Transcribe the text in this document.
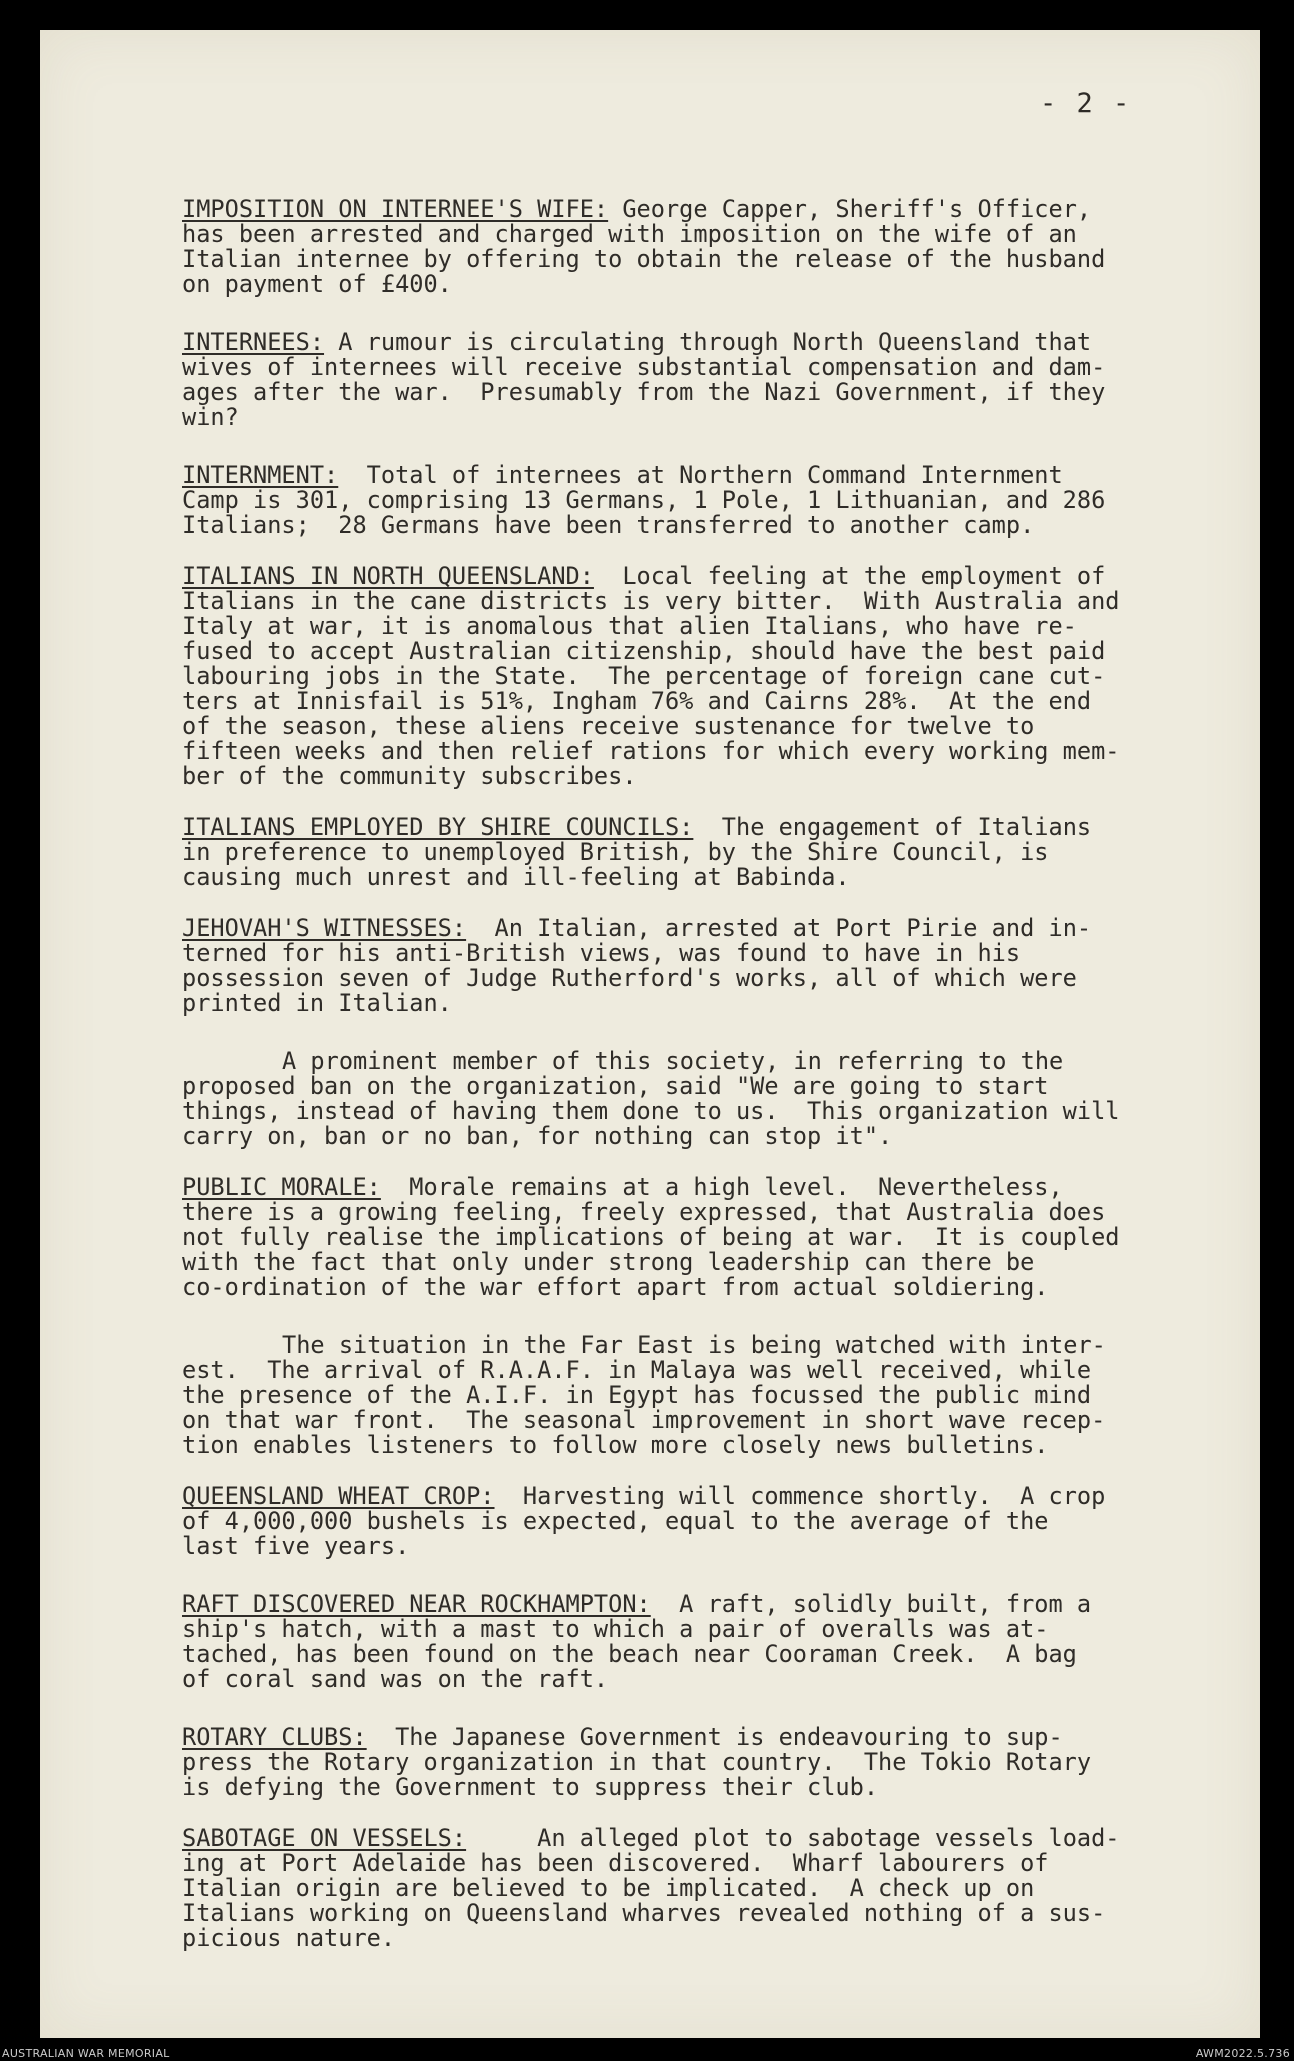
- 2 -
IMPOSITION ON INTERNEE'S WIFE: George Capper, Sheriff's Officer,
has been arrested and charged with imposition on the wife of an
Italian internee by offering to obtain the release of the husband
on payment of £400.
INTERNEES: A rumour is circulating through North Queensland that
wives of internees will receive substantial compensation and dam-
ages after the war.  Presumably from the Nazi Government, if they
win?
INTERNMENT:  Total of internees at Northern Command Internment
Camp is 301, comprising 13 Germans, 1 Pole, 1 Lithuanian, and 286
Italians;  28 Germans have been transferred to another camp.
ITALIANS IN NORTH QUEENSLAND:  Local feeling at the employment of
Italians in the cane districts is very bitter.  With Australia and
Italy at war, it is anomalous that alien Italians, who have re-
fused to accept Australian citizenship, should have the best paid
labouring jobs in the State.  The percentage of foreign cane cut-
ters at Innisfail is 51%, Ingham 76% and Cairns 28%.  At the end
of the season, these aliens receive sustenance for twelve to
fifteen weeks and then relief rations for which every working mem-
ber of the community subscribes.
ITALIANS EMPLOYED BY SHIRE COUNCILS:  The engagement of Italians
in preference to unemployed British, by the Shire Council, is
causing much unrest and ill-feeling at Babinda.
JEHOVAH'S WITNESSES:  An Italian, arrested at Port Pirie and in-
terned for his anti-British views, was found to have in his
possession seven of Judge Rutherford's works, all of which were
printed in Italian.
A prominent member of this society, in referring to the
proposed ban on the organization, said "We are going to start
things, instead of having them done to us.  This organization will
carry on, ban or no ban, for nothing can stop it".
PUBLIC MORALE:  Morale remains at a high level.  Nevertheless,
there is a growing feeling, freely expressed, that Australia does
not fully realise the implications of being at war.  It is coupled
with the fact that only under strong leadership can there be
co-ordination of the war effort apart from actual soldiering.
The situation in the Far East is being watched with inter-
est.  The arrival of R.A.A.F. in Malaya was well received, while
the presence of the A.I.F. in Egypt has focussed the public mind
on that war front.  The seasonal improvement in short wave recep-
tion enables listeners to follow more closely news bulletins.
QUEENSLAND WHEAT CROP:  Harvesting will commence shortly.  A crop
of 4,000,000 bushels is expected, equal to the average of the
last five years.
RAFT DISCOVERED NEAR ROCKHAMPTON:  A raft, solidly built, from a
ship's hatch, with a mast to which a pair of overalls was at-
tached, has been found on the beach near Cooraman Creek.  A bag
of coral sand was on the raft.
ROTARY CLUBS:  The Japanese Government is endeavouring to sup-
press the Rotary organization in that country.  The Tokio Rotary
is defying the Government to suppress their club.
SABOTAGE ON VESSELS:     An alleged plot to sabotage vessels load-
ing at Port Adelaide has been discovered.  Wharf labourers of
Italian origin are believed to be implicated.  A check up on
Italians working on Queensland wharves revealed nothing of a sus-
picious nature.
AUSTRALIAN WAR MEMORIAL	AWM2022.5.736
